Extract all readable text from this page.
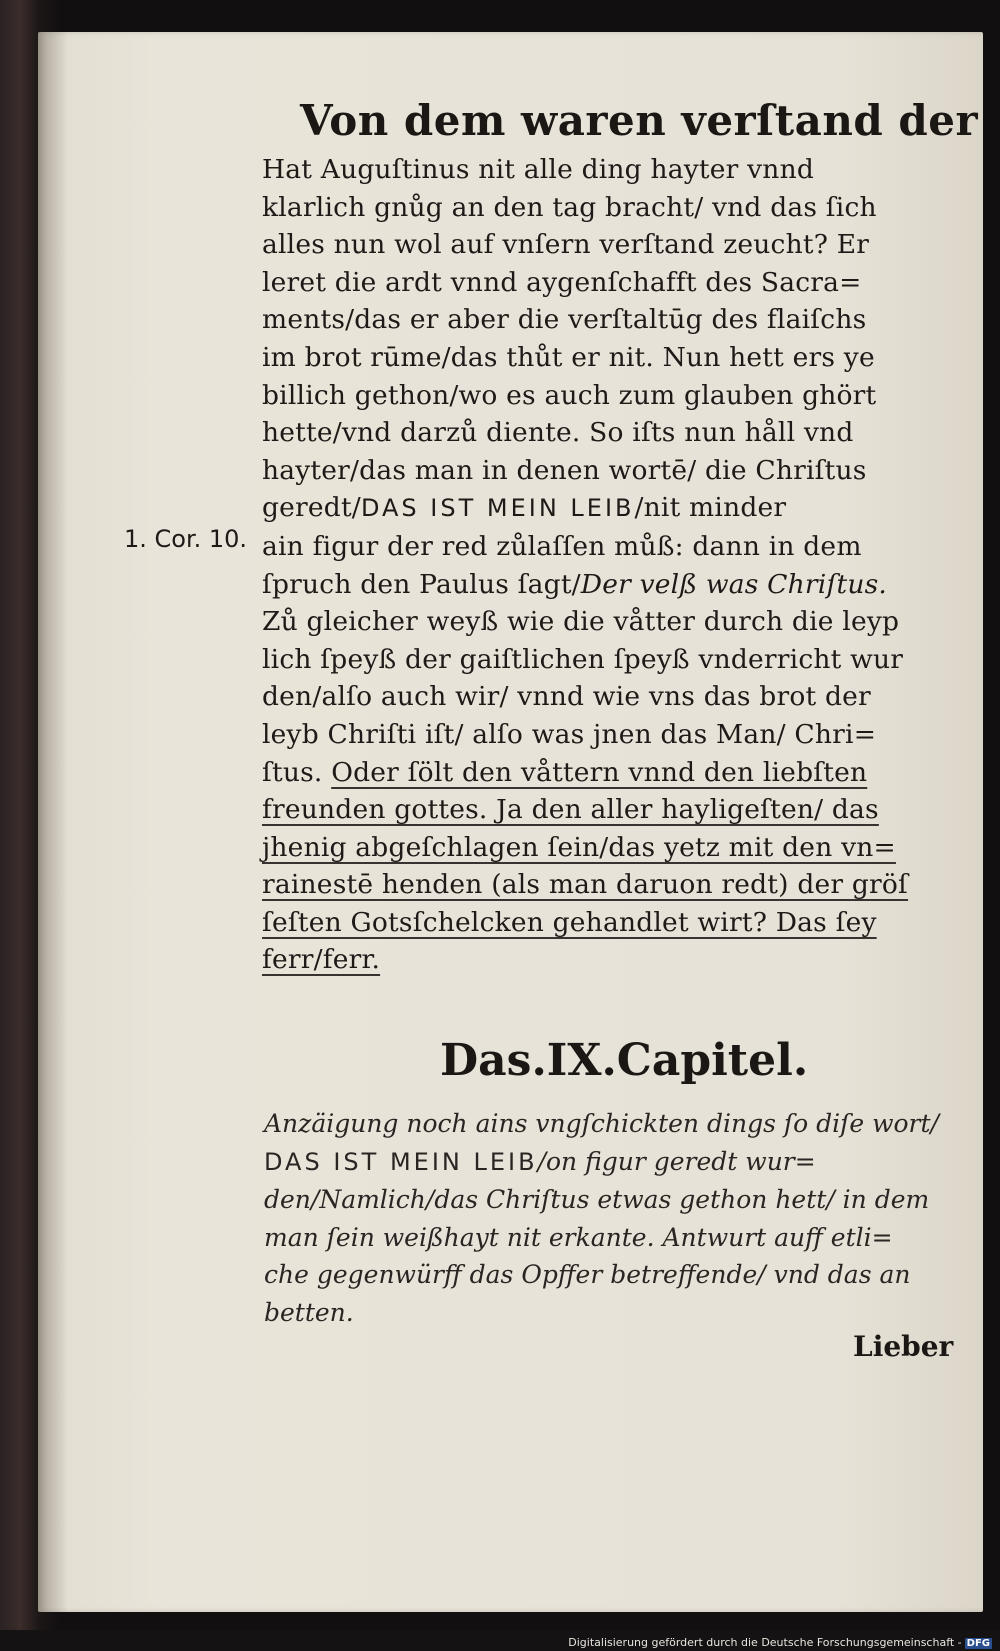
Von dem waren verſtand der

1. Cor. 10.

Hat Auguſtinus nit alle ding hayter vnnd
klarlich gnůg an den tag bracht/ vnd das ſich
alles nun wol auf vnſern verſtand zeucht? Er
leret die ardt vnnd aygenſchafft des Sacra=
ments/das er aber die verſtaltūg des flaiſchs
im brot rūme/das thůt er nit. Nun hett ers ye
billich gethon/wo es auch zum glauben ghört
hette/vnd darzů diente. So iſts nun håll vnd
hayter/das man in denen wortē/ die Chriſtus
geredt/DAS IST MEIN LEIB/nit minder
ain figur der red zůlaſſen můß: dann in dem
ſpruch den Paulus ſagt/Der velß was Chriſtus.
Zů gleicher weyß wie die våtter durch die leyp
lich ſpeyß der gaiſtlichen ſpeyß vnderricht wur
den/alſo auch wir/ vnnd wie vns das brot der
leyb Chriſti iſt/ alſo was jnen das Man/ Chri=
ſtus. Oder ſölt den våttern vnnd den liebſten
freunden gottes. Ja den aller hayligeſten/ das
jhenig abgeſchlagen ſein/das yetz mit den vn=
rainestē henden (als man daruon redt) der gröſ
ſeſten Gotsſchelcken gehandlet wirt? Das ſey
ferr/ferr.
Das.IX.Capitel.
Anzäigung noch ains vngſchickten dings ſo diſe wort/
DAS IST MEIN LEIB/on figur geredt wur=
den/Namlich/das Chriſtus etwas gethon hett/ in dem
man ſein weißhayt nit erkante. Antwurt auff etli=
che gegenwürff das Opffer betreffende/ vnd das an
betten.

Lieber

Digitalisierung gefördert durch die Deutsche Forschungsgemeinschaft - DFG
